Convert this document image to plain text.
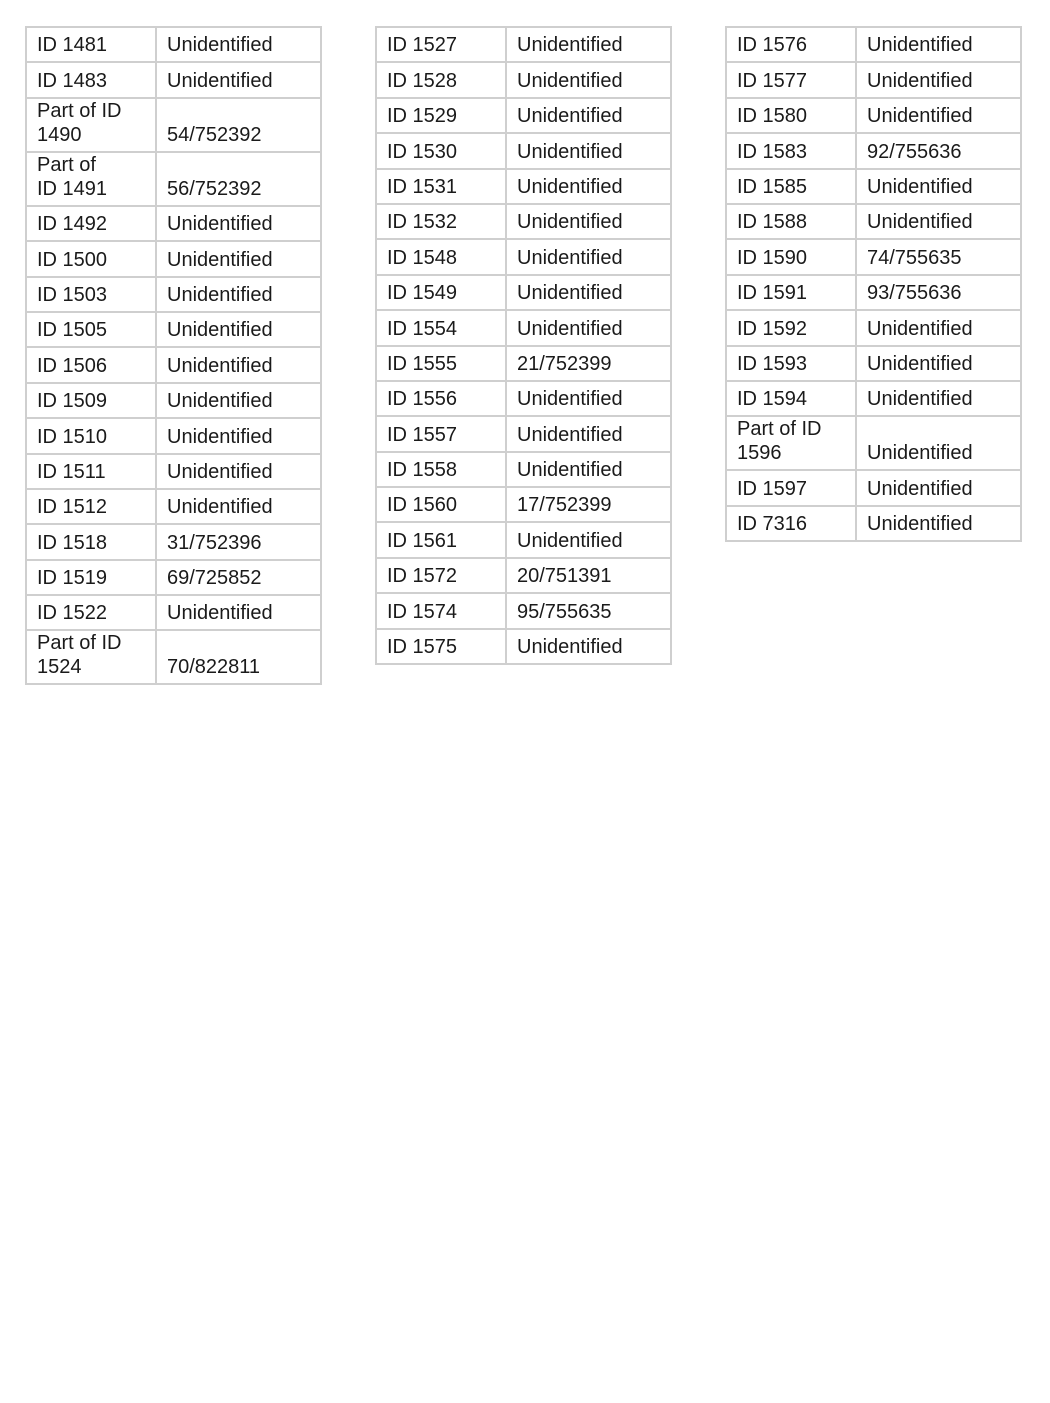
ID 1481	Unidentified

ID 1483	Unidentified

Part of ID
1490	54/752392

Part of
ID 1491	56/752392

ID 1492	Unidentified

ID 1500	Unidentified

ID 1503	Unidentified

ID 1505	Unidentified

ID 1506	Unidentified

ID 1509	Unidentified

ID 1510	Unidentified

ID 1511	Unidentified

ID 1512	Unidentified

ID 1518	31/752396

ID 1519	69/725852

ID 1522	Unidentified

Part of ID
1524	70/822811
ID 1527	Unidentified

ID 1528	Unidentified

ID 1529	Unidentified

ID 1530	Unidentified

ID 1531	Unidentified

ID 1532	Unidentified

ID 1548	Unidentified

ID 1549	Unidentified

ID 1554	Unidentified

ID 1555	21/752399

ID 1556	Unidentified

ID 1557	Unidentified

ID 1558	Unidentified

ID 1560	17/752399

ID 1561	Unidentified

ID 1572	20/751391

ID 1574	95/755635

ID 1575	Unidentified
ID 1576	Unidentified

ID 1577	Unidentified

ID 1580	Unidentified

ID 1583	92/755636

ID 1585	Unidentified

ID 1588	Unidentified

ID 1590	74/755635

ID 1591	93/755636

ID 1592	Unidentified

ID 1593	Unidentified

ID 1594	Unidentified

Part of ID
1596	Unidentified

ID 1597	Unidentified

ID 7316	Unidentified
